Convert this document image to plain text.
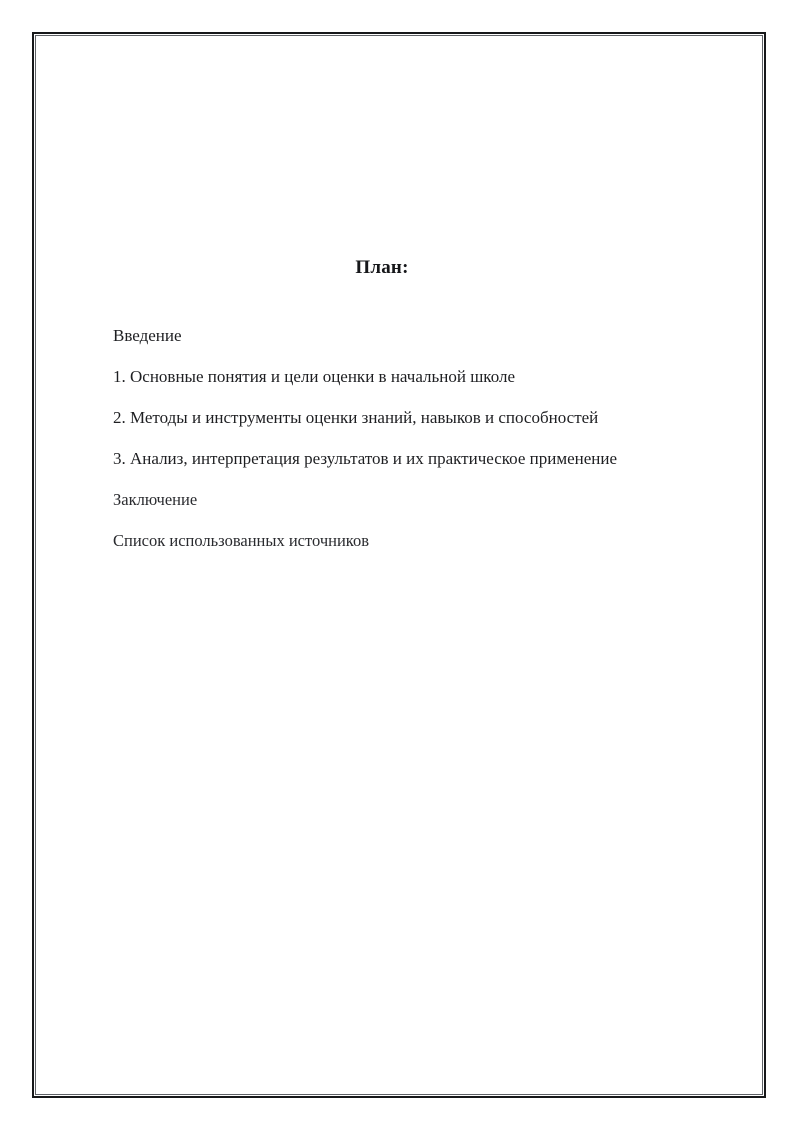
План:
Введение
1. Основные понятия и цели оценки в начальной школе
2. Методы и инструменты оценки знаний, навыков и способностей
3. Анализ, интерпретация результатов и их практическое применение
Заключение
Список использованных источников
